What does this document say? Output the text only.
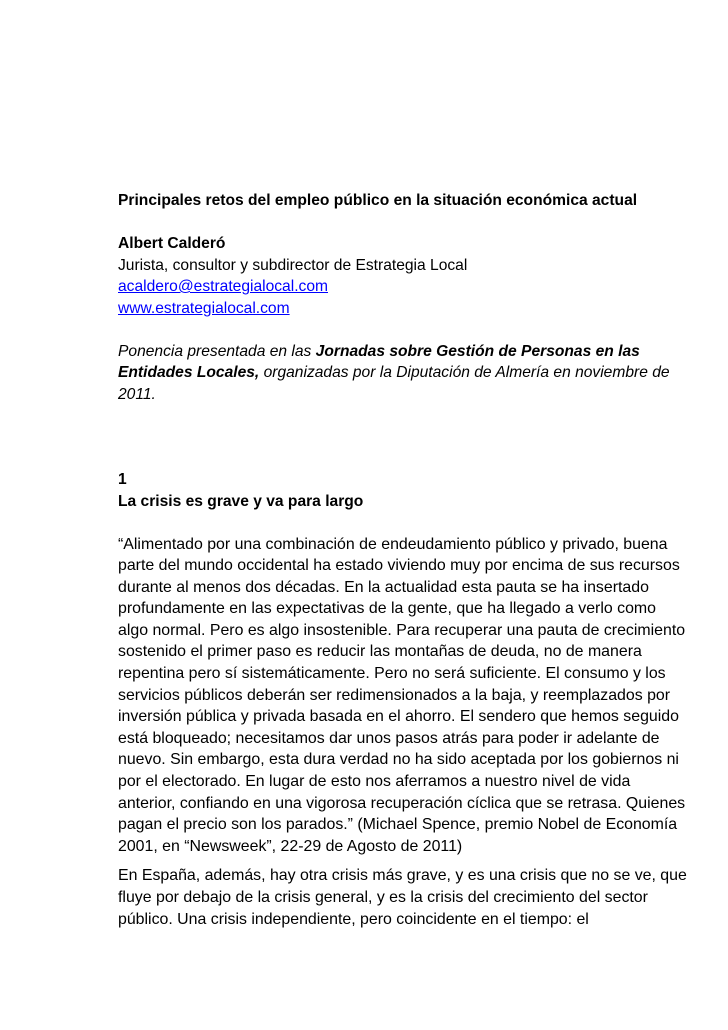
Principales retos del empleo público en la situación económica actual
Albert Calderó
Jurista, consultor y subdirector de Estrategia Local
acaldero@estrategialocal.com
www.estrategialocal.com
Ponencia presentada en las Jornadas sobre Gestión de Personas en las Entidades Locales, organizadas por la Diputación de Almería en noviembre de 2011.
1
La crisis es grave y va para largo
“Alimentado por una combinación de endeudamiento público y privado, buena parte del mundo occidental ha estado viviendo muy por encima de sus recursos durante al menos dos décadas. En la actualidad esta pauta se ha insertado profundamente en las expectativas de la gente, que ha llegado a verlo como algo normal. Pero es algo insostenible. Para recuperar una pauta de crecimiento sostenido el primer paso es reducir las montañas de deuda, no de manera repentina pero sí sistemáticamente. Pero no será suficiente. El consumo y los servicios públicos deberán ser redimensionados a la baja, y reemplazados por inversión pública y privada basada en el ahorro. El sendero que hemos seguido está bloqueado; necesitamos dar unos pasos atrás para poder ir adelante de nuevo. Sin embargo, esta dura verdad no ha sido aceptada por los gobiernos ni por el electorado. En lugar de esto nos aferramos a nuestro nivel de vida anterior, confiando en una vigorosa recuperación cíclica que se retrasa. Quienes pagan el precio son los parados.” (Michael Spence, premio Nobel de Economía 2001, en “Newsweek”, 22-29 de Agosto de 2011)
En España, además, hay otra crisis más grave, y es una crisis que no se ve, que fluye por debajo de la crisis general, y es la crisis del crecimiento del sector público. Una crisis independiente, pero coincidente en el tiempo: el
